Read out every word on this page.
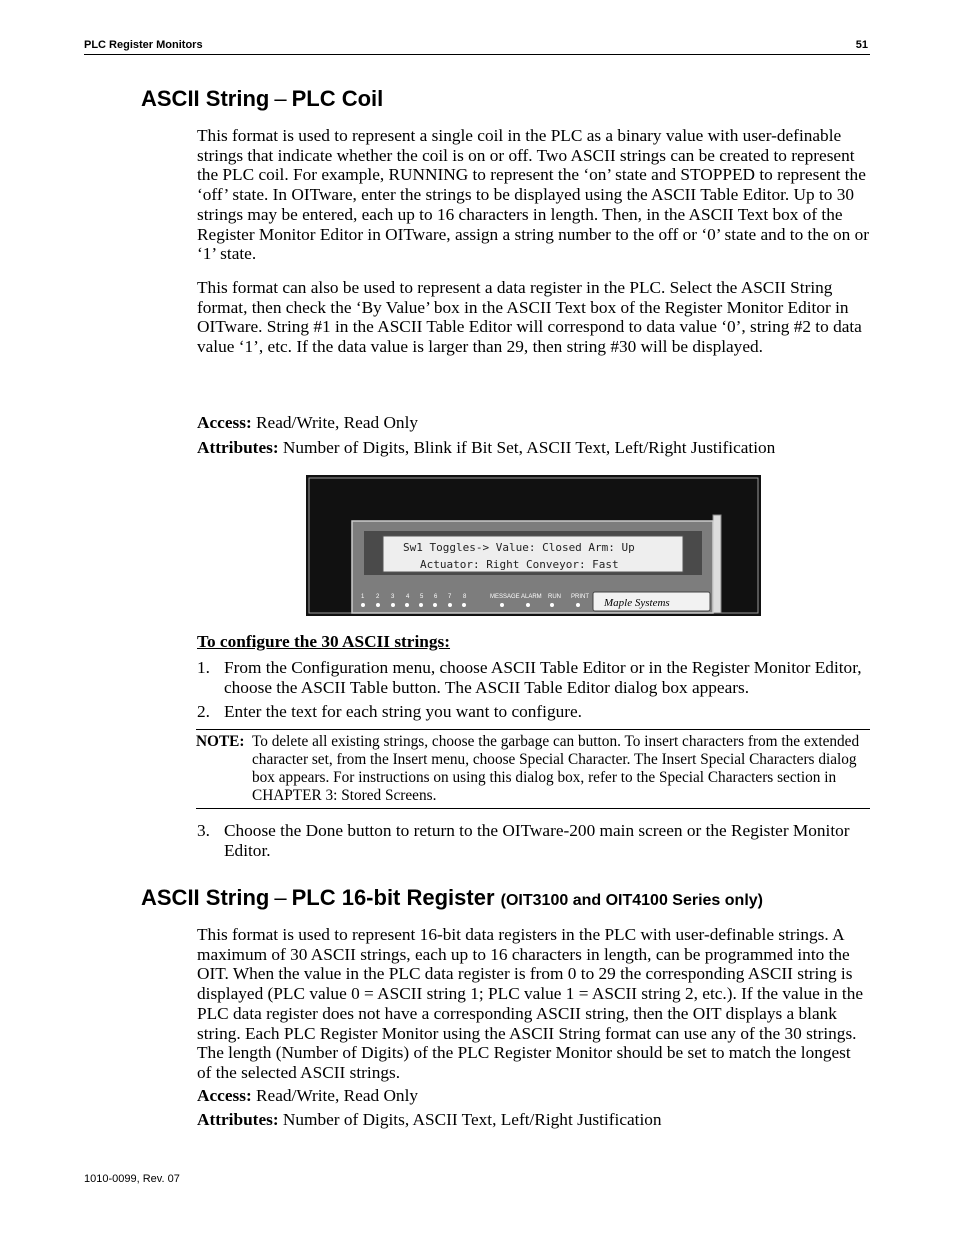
PLC Register Monitors	51
ASCII String – PLC Coil

This format is used to represent a single coil in the PLC as a binary value with user-definable strings that indicate whether the coil is on or off. Two ASCII strings can be created to represent the PLC coil. For example, RUNNING to represent the ‘on’ state and STOPPED to represent the ‘off’ state. In OITware, enter the strings to be displayed using the ASCII Table Editor. Up to 30 strings may be entered, each up to 16 characters in length. Then, in the ASCII Text box of the Register Monitor Editor in OITware, assign a string number to the off or ‘0’ state and to the on or ‘1’ state.

This format can also be used to represent a data register in the PLC. Select the ASCII String format, then check the ‘By Value’ box in the ASCII Text box of the Register Monitor Editor in OITware. String #1 in the ASCII Table Editor will correspond to data value ‘0’, string #2 to data value ‘1’, etc. If the data value is larger than 29, then string #30 will be displayed.

Access: Read/Write, Read Only
Attributes: Number of Digits, Blink if Bit Set, ASCII Text, Left/Right Justification
Sw1 Toggles-> Value: Closed Arm: Up
Actuator: Right Conveyor: Fast
1 2 3 4 5 6 7 8	MESSAGE ALARM RUN PRINT Maple Systems
To configure the 30 ASCII strings:
1. From the Configuration menu, choose ASCII Table Editor or in the Register Monitor Editor, choose the ASCII Table button. The ASCII Table Editor dialog box appears.
2. Enter the text for each string you want to configure.
NOTE: To delete all existing strings, choose the garbage can button. To insert characters from the extended character set, from the Insert menu, choose Special Character. The Insert Special Characters dialog box appears. For instructions on using this dialog box, refer to the Special Characters section in CHAPTER 3: Stored Screens.
3. Choose the Done button to return to the OITware-200 main screen or the Register Monitor Editor.
ASCII String – PLC 16-bit Register (OIT3100 and OIT4100 Series only)

This format is used to represent 16-bit data registers in the PLC with user-definable strings. A maximum of 30 ASCII strings, each up to 16 characters in length, can be programmed into the OIT. When the value in the PLC data register is from 0 to 29 the corresponding ASCII string is displayed (PLC value 0 = ASCII string 1; PLC value 1 = ASCII string 2, etc.). If the value in the PLC data register does not have a corresponding ASCII string, then the OIT displays a blank string. Each PLC Register Monitor using the ASCII String format can use any of the 30 strings. The length (Number of Digits) of the PLC Register Monitor should be set to match the longest of the selected ASCII strings.

Access: Read/Write, Read Only
Attributes: Number of Digits, ASCII Text, Left/Right Justification
1010-0099, Rev. 07
